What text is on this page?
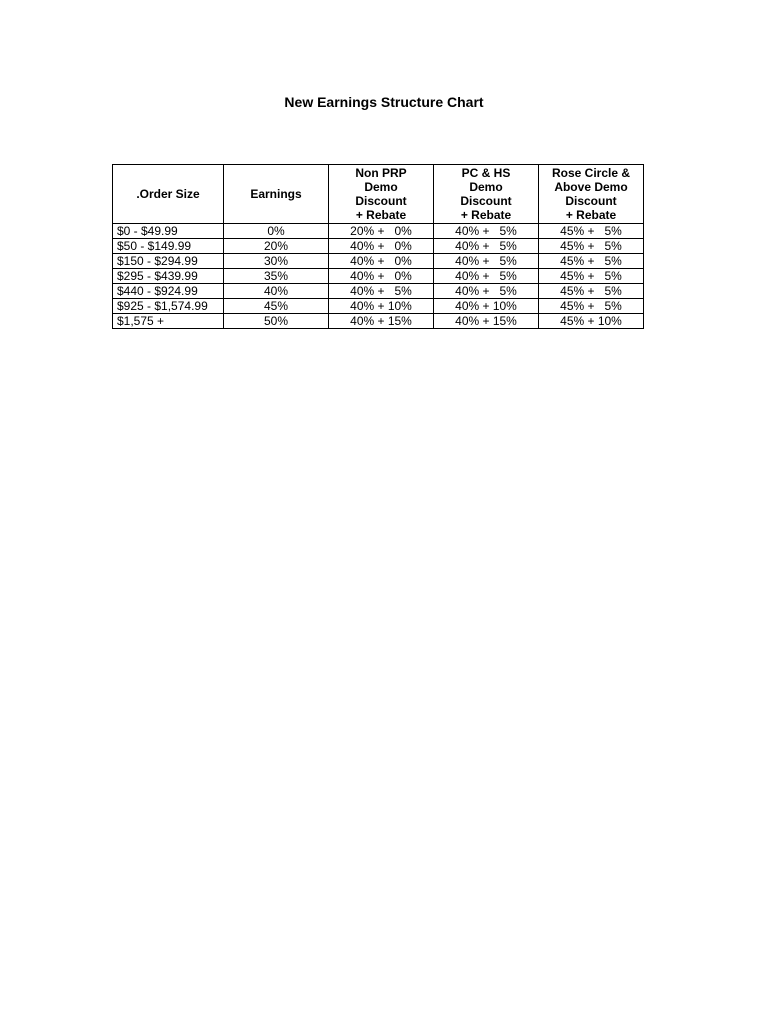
New Earnings Structure Chart
.Order Size	Earnings	Non PRP
Demo
Discount
+ Rebate	PC & HS
Demo
Discount
+ Rebate	Rose Circle &
Above Demo
Discount
+ Rebate

$0 - $49.99	0%	20% +   0%	40% +   5%	45% +   5%
$50 - $149.99	20%	40% +   0%	40% +   5%	45% +   5%
$150 - $294.99	30%	40% +   0%	40% +   5%	45% +   5%
$295 - $439.99	35%	40% +   0%	40% +   5%	45% +   5%
$440 - $924.99	40%	40% +   5%	40% +   5%	45% +   5%
$925 - $1,574.99	45%	40% + 10%	40% + 10%	45% +   5%
$1,575 +	50%	40% + 15%	40% + 15%	45% + 10%
